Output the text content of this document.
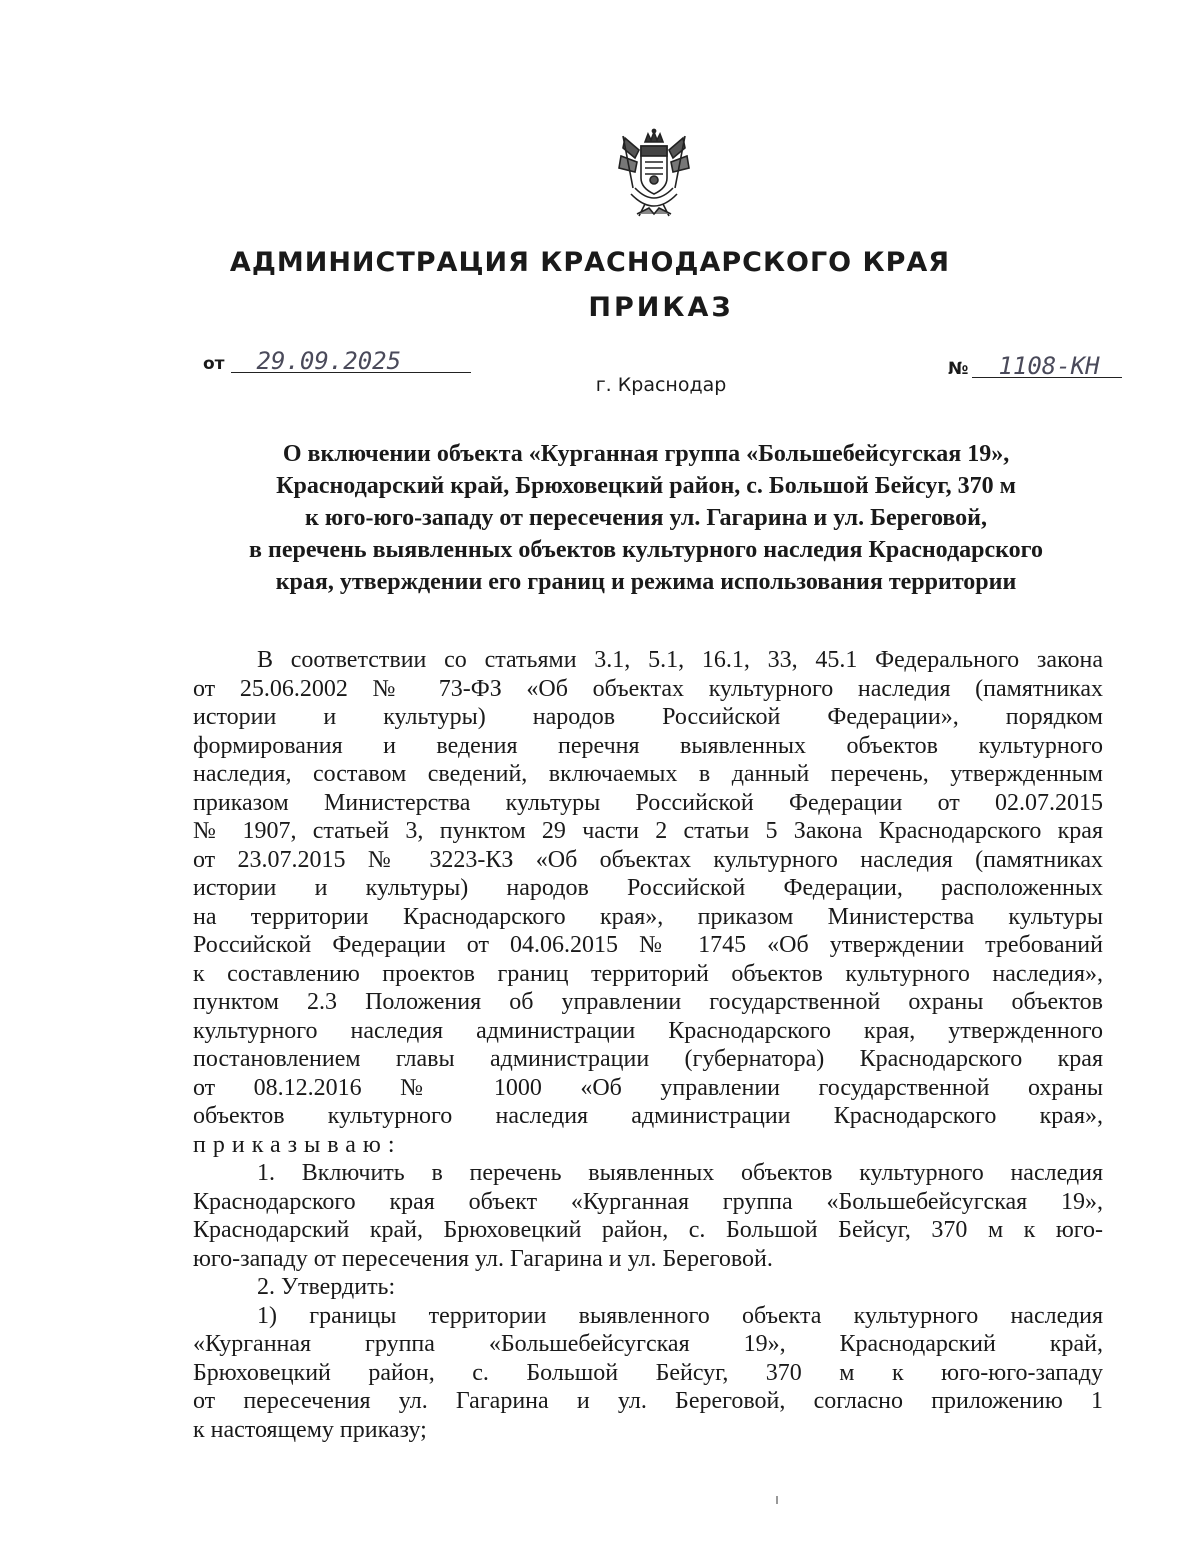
АДМИНИСТРАЦИЯ КРАСНОДАРСКОГО КРАЯ
ПРИКАЗ
от 29.09.2025	№ 1108-КН
г. Краснодар
О включении объекта «Курганная группа «Большебейсугская 19»,
Краснодарский край, Брюховецкий район, с. Большой Бейсуг, 370 м
к юго-юго-западу от пересечения ул. Гагарина и ул. Береговой,
в перечень выявленных объектов культурного наследия Краснодарского
края, утверждении его границ и режима использования территории
В соответствии со статьями 3.1, 5.1, 16.1, 33, 45.1 Федерального закона
от 25.06.2002 № 73-ФЗ «Об объектах культурного наследия (памятниках
истории и культуры) народов Российской Федерации», порядком
формирования и ведения перечня выявленных объектов культурного
наследия, составом сведений, включаемых в данный перечень, утвержденным
приказом Министерства культуры Российской Федерации от 02.07.2015
№ 1907, статьей 3, пунктом 29 части 2 статьи 5 Закона Краснодарского края
от 23.07.2015 № 3223-КЗ «Об объектах культурного наследия (памятниках
истории и культуры) народов Российской Федерации, расположенных
на территории Краснодарского края», приказом Министерства культуры
Российской Федерации от 04.06.2015 № 1745 «Об утверждении требований
к составлению проектов границ территорий объектов культурного наследия»,
пунктом 2.3 Положения об управлении государственной охраны объектов
культурного наследия администрации Краснодарского края, утвержденного
постановлением главы администрации (губернатора) Краснодарского края
от 08.12.2016 № 1000 «Об управлении государственной охраны
объектов культурного наследия администрации Краснодарского края»,
приказываю:
1. Включить в перечень выявленных объектов культурного наследия
Краснодарского края объект «Курганная группа «Большебейсугская 19»,
Краснодарский край, Брюховецкий район, с. Большой Бейсуг, 370 м к юго-
юго-западу от пересечения ул. Гагарина и ул. Береговой.
2. Утвердить:
1) границы территории выявленного объекта культурного наследия
«Курганная группа «Большебейсугская 19», Краснодарский край,
Брюховецкий район, с. Большой Бейсуг, 370 м к юго-юго-западу
от пересечения ул. Гагарина и ул. Береговой, согласно приложению 1
к настоящему приказу;
